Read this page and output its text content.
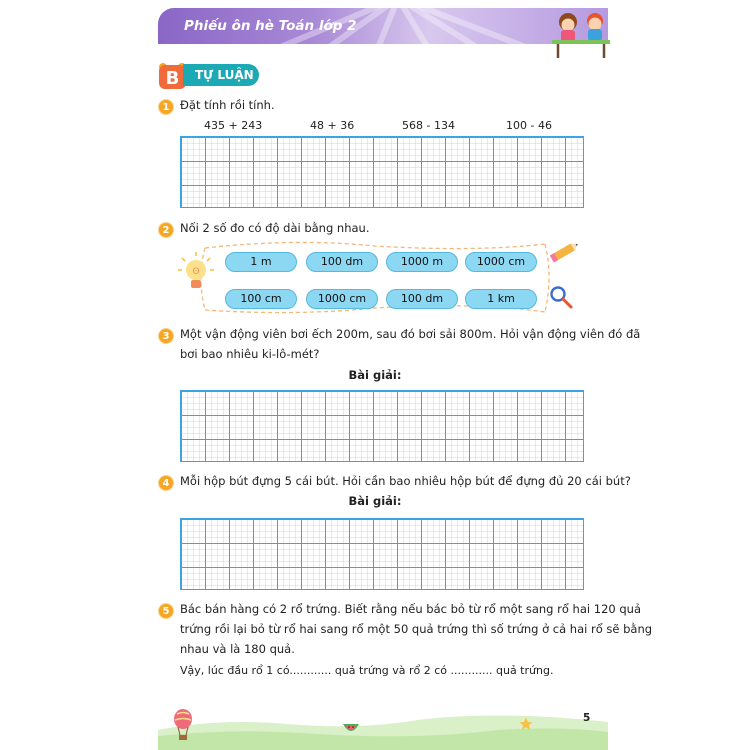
Phiếu ôn hè Toán lớp 2
B	TỰ LUẬN
1 Đặt tính rồi tính.
435 + 243	48 + 36	568 - 134	100 - 46
2 Nối 2 số đo có độ dài bằng nhau.
ʘ
1 m	100 dm	1000 m	1000 cm
100 cm	1000 cm	100 dm	1 km
3 Một vận động viên bơi ếch 200m, sau đó bơi sải 800m. Hỏi vận động viên đó đã
bơi bao nhiêu ki-lô-mét?
Bài giải:
4 Mỗi hộp bút đựng 5 cái bút. Hỏi cần bao nhiêu hộp bút để đựng đủ 20 cái bút?
Bài giải:
5 Bác bán hàng có 2 rổ trứng. Biết rằng nếu bác bỏ từ rổ một sang rổ hai 120 quả
trứng rồi lại bỏ từ rổ hai sang rổ một 50 quả trứng thì số trứng ở cả hai rổ sẽ bằng
nhau và là 180 quả.
Vậy, lúc đầu rổ 1 có............ quả trứng và rổ 2 có ............ quả trứng.
5
